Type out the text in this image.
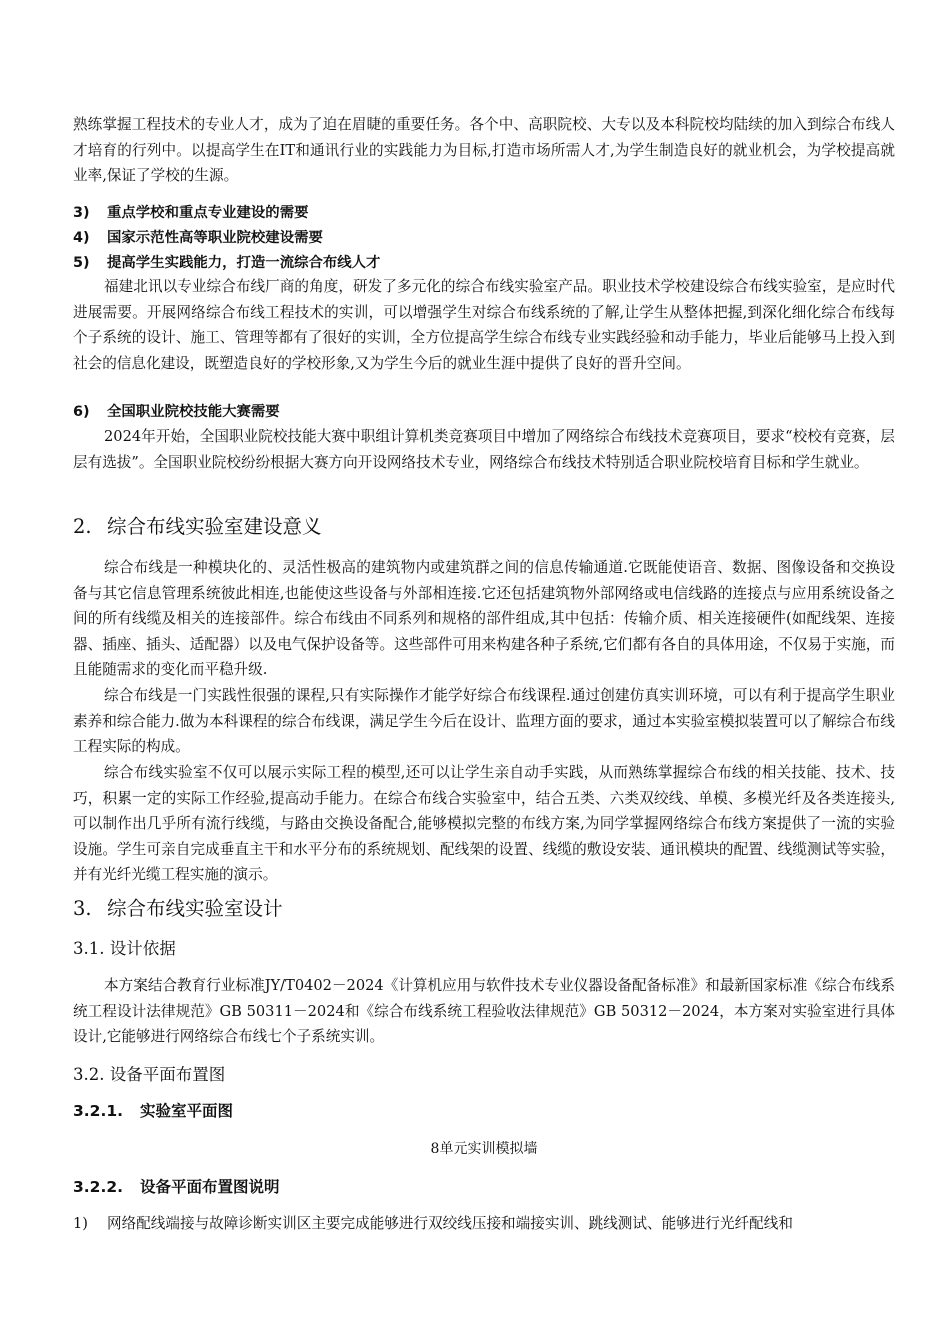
熟练掌握工程技术的专业人才，成为了迫在眉睫的重要任务。各个中、高职院校、大专以及本科院校均陆续的加入到综合布线人才培育的行列中。以提高学生在IT和通讯行业的实践能力为目标,打造市场所需人才,为学生制造良好的就业机会，为学校提高就业率,保证了学校的生源。

3) 重点学校和重点专业建设的需要
4) 国家示范性高等职业院校建设需要
5) 提高学生实践能力，打造一流综合布线人才

福建北讯以专业综合布线厂商的角度，研发了多元化的综合布线实验室产品。职业技术学校建设综合布线实验室，是应时代进展需要。开展网络综合布线工程技术的实训，可以增强学生对综合布线系统的了解,让学生从整体把握,到深化细化综合布线每个子系统的设计、施工、管理等都有了很好的实训，全方位提高学生综合布线专业实践经验和动手能力，毕业后能够马上投入到社会的信息化建设，既塑造良好的学校形象,又为学生今后的就业生涯中提供了良好的晋升空间。

6) 全国职业院校技能大赛需要

2024年开始，全国职业院校技能大赛中职组计算机类竞赛项目中增加了网络综合布线技术竞赛项目，要求“校校有竞赛，层层有选拔”。全国职业院校纷纷根据大赛方向开设网络技术专业，网络综合布线技术特别适合职业院校培育目标和学生就业。

2. 综合布线实验室建设意义

综合布线是一种模块化的、灵活性极高的建筑物内或建筑群之间的信息传输通道.它既能使语音、数据、图像设备和交换设备与其它信息管理系统彼此相连,也能使这些设备与外部相连接.它还包括建筑物外部网络或电信线路的连接点与应用系统设备之间的所有线缆及相关的连接部件。综合布线由不同系列和规格的部件组成,其中包括：传输介质、相关连接硬件(如配线架、连接器、插座、插头、适配器）以及电气保护设备等。这些部件可用来构建各种子系统,它们都有各自的具体用途，不仅易于实施，而且能随需求的变化而平稳升级.

综合布线是一门实践性很强的课程,只有实际操作才能学好综合布线课程.通过创建仿真实训环境，可以有利于提高学生职业素养和综合能力.做为本科课程的综合布线课，满足学生今后在设计、监理方面的要求，通过本实验室模拟装置可以了解综合布线工程实际的构成。

综合布线实验室不仅可以展示实际工程的模型,还可以让学生亲自动手实践，从而熟练掌握综合布线的相关技能、技术、技巧，积累一定的实际工作经验,提高动手能力。在综合布线合实验室中，结合五类、六类双绞线、单模、多模光纤及各类连接头,可以制作出几乎所有流行线缆，与路由交换设备配合,能够模拟完整的布线方案,为同学掌握网络综合布线方案提供了一流的实验设施。学生可亲自完成垂直主干和水平分布的系统规划、配线架的设置、线缆的敷设安装、通讯模块的配置、线缆测试等实验，并有光纤光缆工程实施的演示。

3. 综合布线实验室设计
3.1. 设计依据

本方案结合教育行业标准JY/T0402－2024《计算机应用与软件技术专业仪器设备配备标准》和最新国家标准《综合布线系统工程设计法律规范》GB 50311－2024和《综合布线系统工程验收法律规范》GB 50312－2024，本方案对实验室进行具体设计,它能够进行网络综合布线七个子系统实训。

3.2. 设备平面布置图
3.2.1. 实验室平面图
8单元实训模拟墙
3.2.2. 设备平面布置图说明
1) 网络配线端接与故障诊断实训区主要完成能够进行双绞线压接和端接实训、跳线测试、能够进行光纤配线和
